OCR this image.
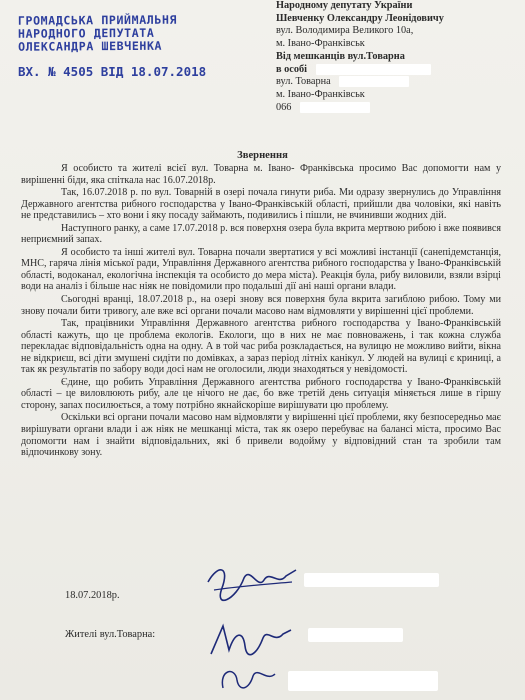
ГРОМАДСЬКА ПРИЙМАЛЬНЯ
НАРОДНОГО ДЕПУТАТА
ОЛЕКСАНДРА ШЕВЧЕНКА
ВХ. № 4505 ВІД 18.07.2018
Народному депутату України
Шевченку Олександру Леонідовичу
вул. Володимира Великого 10а,
м. Івано-Франківськ
Від мешканців вул.Товарна
в особі
вул. Товарна
м. Івано-Франківськ
066
Звернення

Я особисто та жителі всієї вул. Товарна м. Івано- Франківська просимо Вас допомогти нам у вирішенні біди, яка спіткала нас 16.07.2018р.

Так, 16.07.2018 р. по вул. Товарній в озері почала гинути риба. Ми одразу звернулись до Управління Державного агентства рибного господарства у Івано-Франківській області, прийшли два чоловіки, які навіть не представились – хто вони і яку посаду займають, подивились і пішли, не вчинивши жодних дій.

Наступного ранку, а саме 17.07.2018 р. вся поверхня озера була вкрита мертвою рибою і вже появився неприємний запах.

Я особисто та інші жителі вул. Товарна почали звертатися у всі можливі інстанції (санепідемстанція, МНС, гаряча лінія міської ради, Управління Державного агентства рибного господарства у Івано-Франківській області, водоканал, екологічна інспекція та особисто до мера міста). Реакція була, рибу виловили, взяли взірці води на аналіз і більше нас ніяк не повідомили про подальші дії ані наші органи влади.

Сьогодні вранці, 18.07.2018 р., на озері знову вся поверхня була вкрита загиблою рибою. Тому ми знову почали бити тривогу, але вже всі органи почали масово нам відмовляти у вирішенні цієї проблеми.

Так, працівники Управління Державного агентства рибного господарства у Івано-Франківській області кажуть, що це проблема екологів. Екологи, що в них не має повноважень, і так кожна служба перекладає відповідальність одна на одну. А в той час риба розкладається, на вулицю не можливо вийти, вікна не відкриєш, всі діти змушені сидіти по домівках, а зараз період літніх канікул. У людей на вулиці є криниці, а так як результатів по забору води досі нам не оголосили, люди знаходяться у невідомості.

Єдине, що робить Управління Державного агентства рибного господарства у Івано-Франківській області – це виловлюють рибу, але це нічого не дає, бо вже третій день ситуація міняється лише в гіршу сторону, запах посилюється, а тому потрібно якнайскоріше вирішувати цю проблему.

Оскільки всі органи почали масово нам відмовляти у вирішенні цієї проблеми, яку безпосередньо має вирішувати органи влади і аж ніяк не мешканці міста, так як озеро перебуває на балансі міста, просимо Вас допомогти нам і знайти відповідальних, які б привели водойму у відповідний стан та зробили там відпочинкову зону.

18.07.2018р.
Жителі вул.Товарна:
